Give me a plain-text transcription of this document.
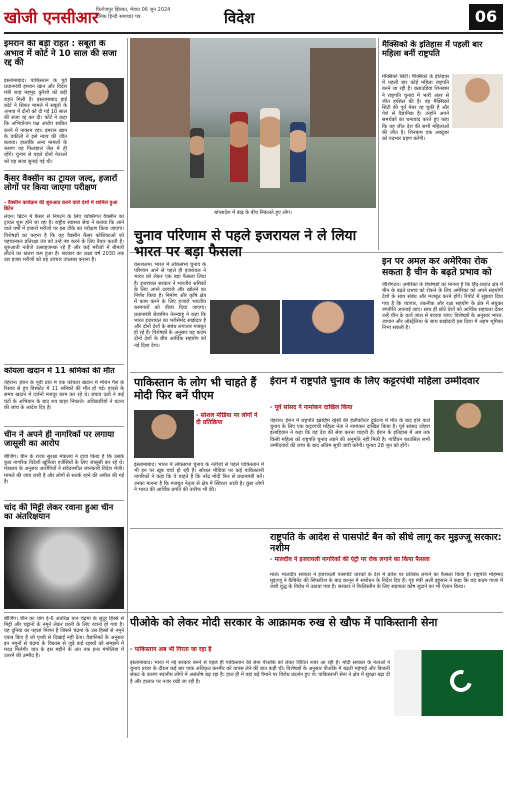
खोजी एनसीआर
फिरोजपुर झिरका, मेवात 06 जून 2024
दैनिक हिन्दी समाचार पत्र	विदेश	06
इमरान की बड़ी राहत : सबूतों के अभाव में कोर्ट ने 10 साल की सजा रद्द की
इस्लामाबाद। पाकिस्तान के पूर्व प्रधानमंत्री इमरान खान और विदेश मंत्री शाह महमूद कुरैशी को बड़ी राहत मिली है। इस्लामाबाद हाई कोर्ट ने सिफर मामले में सबूतों के अभाव में दोनों को दी गई 10 साल की सजा रद्द कर दी। कोर्ट ने कहा कि अभियोजन पक्ष आरोप साबित करने में नाकाम रहा। इमरान खान के वकीलों ने इसे न्याय की जीत बताया। हालांकि अन्य मामलों के कारण वह फिलहाल जेल में ही रहेंगे। चुनाव से पहले दोनों नेताओं को यह सजा सुनाई गई थी।
कैंसर वैक्सीन का ट्रायल जल्द, हजारों लोगों पर किया जाएगा परीक्षण
- वैक्सीन कार्यक्रम की शुरुआत करने वाले देशों में शामिल हुआ ब्रिटेन
लंदन। ब्रिटेन में कैंसर से निपटने के लिए व्यक्तिगत वैक्सीन का ट्रायल शुरू होने जा रहा है। राष्ट्रीय स्वास्थ्य सेवा ने बताया कि आने वाले वर्षों में हजारों मरीजों पर इस टीके का परीक्षण किया जाएगा। विशेषज्ञों का कहना है कि यह वैक्सीन कैंसर कोशिकाओं को पहचानकर प्रतिरक्षा तंत्र को उन्हें नष्ट करने के लिए तैयार करती है। शुरुआती नतीजे उत्साहजनक रहे हैं और कई मरीजों में बीमारी लौटने का खतरा कम हुआ है। सरकार का लक्ष्य वर्ष 2030 तक दस हजार मरीजों को यह उपचार उपलब्ध कराना है।
कोयला खदान में 11 श्रमिकों की मौत
तेहरान। ईरान के पूर्वी प्रांत में एक कोयला खदान में मीथेन गैस के रिसाव से हुए विस्फोट में 11 श्रमिकों की मौत हो गई। हादसे के समय खदान में दर्जनों मजदूर काम कर रहे थे। बचाव दलों ने कई घंटों के अभियान के बाद शव बाहर निकाले। अधिकारियों ने घटना की जांच के आदेश दिए हैं।
चीन ने अपने ही नागरिकों पर लगाया जासूसी का आरोप
बीजिंग। चीन के राज्य सुरक्षा मंत्रालय ने दावा किया है कि उसके कुछ नागरिक विदेशी खुफिया एजेंसियों के लिए जासूसी कर रहे थे। मंत्रालय के अनुसार आरोपियों ने संवेदनशील जानकारी विदेश भेजी। मामले की जांच जारी है और लोगों से सतर्क रहने की अपील की गई है।
चांद की मिट्टी लेकर रवाना हुआ चीन का अंतरिक्षयान
बीजिंग। चीन का चांग ई-6 अंतरिक्ष यान चंद्रमा के सुदूर हिस्से से मिट्टी और चट्टानों के नमूने लेकर धरती के लिए रवाना हो गया है। यह दुनिया का पहला मिशन है जिसने चंद्रमा के उस हिस्से से नमूने एकत्र किए हैं जो पृथ्वी से दिखाई नहीं देता। वैज्ञानिकों के अनुसार इन नमूनों से चंद्रमा के विकास से जुड़े कई रहस्यों को समझने में मदद मिलेगी। यान के इस महीने के अंत तक इनर मंगोलिया में उतरने की उम्मीद है।
बांग्लादेश में बाढ़ के बीच निकलते हुए लोग।
मैक्सिको के इतिहास में पहली बार महिला बनीं राष्ट्रपति
मेक्सिको सिटी। मैक्सिको के इतिहास में पहली बार कोई महिला राष्ट्रपति बनने जा रही है। क्लाउडिया शिनबाम ने राष्ट्रपति चुनाव में भारी अंतर से जीत हासिल की है। वह मैक्सिको सिटी की पूर्व मेयर रह चुकी हैं और पेशे से वैज्ञानिक हैं। उन्होंने अपने समर्थकों का धन्यवाद करते हुए कहा कि यह जीत देश की सभी महिलाओं की जीत है। शिनबाम एक अक्टूबर को पदभार ग्रहण करेंगी।
चुनाव परिणाम से पहले इजरायल ने ले लिया भारत पर बड़ा फैसला
यरूशलम। भारत में लोकसभा चुनाव के परिणाम आने से पहले ही इजरायल ने भारत को लेकर एक बड़ा फैसला लिया है। इजरायल सरकार ने भारतीय श्रमिकों के लिए अपने दरवाजे और खोलने का निर्णय किया है। निर्माण और कृषि क्षेत्र में काम करने के लिए हजारों भारतीय कामगारों को वीजा दिया जाएगा। प्रधानमंत्री बेंजामिन नेतन्याहू ने कहा कि भारत इजरायल का भरोसेमंद साझेदार है और दोनों देशों के संबंध लगातार मजबूत हो रहे हैं। विशेषज्ञों के अनुसार यह कदम दोनों देशों के बीच आर्थिक सहयोग को नई दिशा देगा।
इन पर अमल कर अमेरिका रोक सकता है चीन के बढ़ते प्रभाव को
वॉशिंगटन। अमेरिका के विशेषज्ञों का मानना है कि हिंद-प्रशांत क्षेत्र में चीन के बढ़ते प्रभाव को रोकने के लिए अमेरिका को अपने सहयोगी देशों के साथ संबंध और मजबूत करने होंगे। रिपोर्ट में सुझाव दिया गया है कि व्यापार, तकनीक और रक्षा सहयोग के क्षेत्र में संयुक्त रणनीति अपनाई जाए। साथ ही छोटे देशों को आर्थिक सहायता देकर उन्हें चीन के कर्ज जाल से बचाया जाए। विशेषज्ञों के अनुसार भारत, जापान और ऑस्ट्रेलिया के साथ साझेदारी इस दिशा में अहम भूमिका निभा सकती है।
पाकिस्तान के लोग भी चाहते हैं मोदी फिर बनें पीएम
- सोशल मीडिया पर लोगों ने दी प्रतिक्रिया
इस्लामाबाद। भारत में लोकसभा चुनाव के नतीजों से पहले पाकिस्तान में भी इन पर खूब चर्चा हो रही है। सोशल मीडिया पर कई पाकिस्तानी नागरिकों ने कहा कि वे चाहते हैं कि नरेंद्र मोदी फिर से प्रधानमंत्री बनें। उनका मानना है कि मजबूत नेतृत्व से क्षेत्र में स्थिरता आती है। कुछ लोगों ने भारत की आर्थिक प्रगति की तारीफ भी की।
ईरान में राष्ट्रपति चुनाव के लिए कट्टरपंथी महिला उम्मीदवार
- पूर्व सांसद ने नामांकन दाखिल किया
तेहरान। ईरान में राष्ट्रपति इब्राहिम रईसी की हेलीकॉप्टर दुर्घटना में मौत के बाद होने वाले चुनाव के लिए एक कट्टरपंथी महिला नेता ने नामांकन दाखिल किया है। पूर्व सांसद जोहरा इलाहियान ने कहा कि वह देश की सेवा करना चाहती हैं। ईरान के इतिहास में अब तक किसी महिला को राष्ट्रपति चुनाव लड़ने की अनुमति नहीं मिली है। गार्डियन काउंसिल सभी उम्मीदवारों की जांच के बाद अंतिम सूची जारी करेगी। चुनाव 28 जून को होंगे।
राष्ट्रपति के आदेश से पासपोर्ट बैन को सीधे लागू कर मुइज्जू सरकार: नशीम
- मालदीव ने इजरायली नागरिकों की एंट्री पर रोक लगाने का किया फैसला
माले। मालदीव सरकार ने इजरायली पासपोर्ट धारकों के देश में प्रवेश पर प्रतिबंध लगाने का फैसला किया है। राष्ट्रपति मोहम्मद मुइज्जू ने कैबिनेट की सिफारिश के बाद कानून में संशोधन के निर्देश दिए हैं। गृह मंत्री अली इहुसान ने कहा कि यह कदम गाजा में जारी युद्ध के विरोध में उठाया गया है। सरकार ने फिलिस्तीन के लिए सहायता कोष जुटाने का भी ऐलान किया।
पीओके को लेकर मोदी सरकार के आक्रामक रुख से खौफ में पाकिस्तानी सेना
- पाकिस्तान अब भी गिरता जा रहा है
इस्लामाबाद। भारत में नई सरकार बनने से पहले ही पाकिस्तान की सेना पीओके को लेकर चिंतित नजर आ रही है। मोदी सरकार के नेताओं ने चुनाव प्रचार के दौरान कई बार पाक अधिकृत कश्मीर को वापस लेने की बात कही थी। विशेषज्ञों के अनुसार पीओके में बढ़ती महंगाई और बिजली संकट के कारण स्थानीय लोगों में असंतोष बढ़ रहा है। हाल ही में वहां बड़े पैमाने पर विरोध प्रदर्शन हुए थे। पाकिस्तानी सेना ने क्षेत्र में सुरक्षा बढ़ा दी है और हालात पर नजर रखी जा रही है।
